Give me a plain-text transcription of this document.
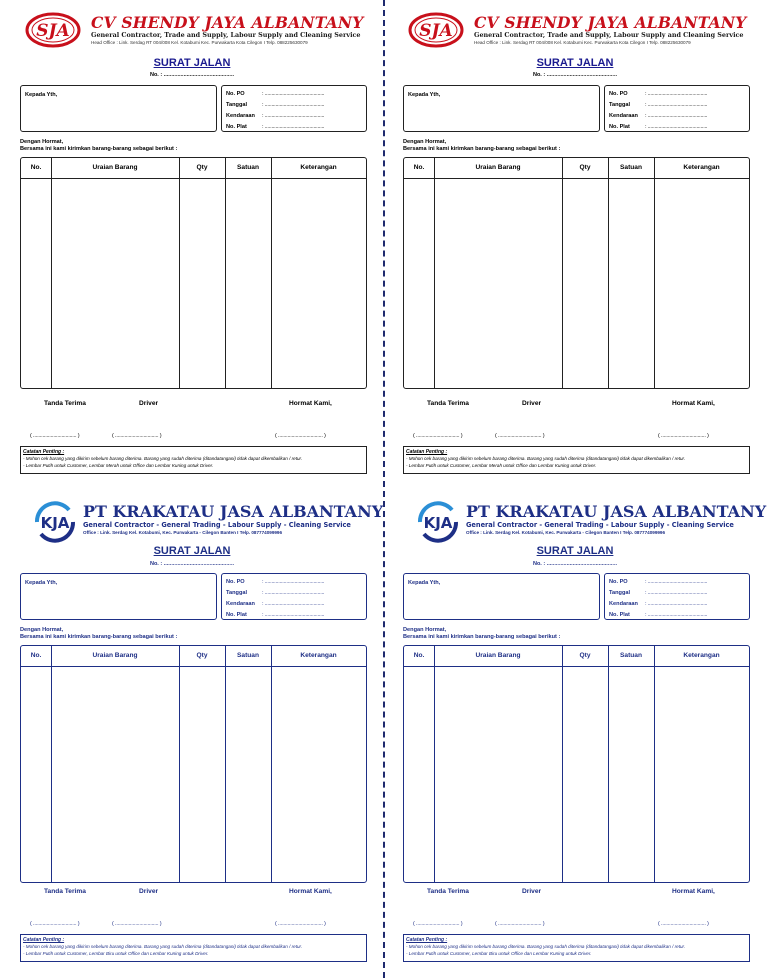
SJA CV SHENDY JAYA ALBANTANY
General Contractor, Trade and Supply, Labour Supply and Cleaning Service
Head Office : Link. Serdag RT 004/008 Kel. Kotabumi Kec. Purwakarta Kota Cilegon I Telp. 088225630079
SURAT JALAN
No. : ..............................................
Kepada Yth,	No. PO	: ............................................
Tanggal	: ............................................
Kendaraan : ............................................
No. Plat	: ............................................
Dengan Hormat,
Bersama ini kami kirimkan barang-barang sebagai berikut :
No.	Uraian Barang	Qty	Satuan	Keterangan
Tanda Terima	Driver	Hormat Kami,
( ................................ )	( ................................ )	( ................................. )
Catatan Penting :
- Mohon cek barang yang dikirim sebelum barang diterima. Barang yang sudah diterima (ditandatangani) tidak dapat dikembalikan / retur.
- Lembar Putih untuk Customer, Lembar Merah untuk Office dan Lembar Kuning untuk Driver.
SJA CV SHENDY JAYA ALBANTANY
General Contractor, Trade and Supply, Labour Supply and Cleaning Service
Head Office : Link. Serdag RT 004/008 Kel. Kotabumi Kec. Purwakarta Kota Cilegon I Telp. 088225630079
SURAT JALAN
No. : ..............................................
Kepada Yth,	No. PO	: ............................................
Tanggal	: ............................................
Kendaraan : ............................................
No. Plat	: ............................................
Dengan Hormat,
Bersama ini kami kirimkan barang-barang sebagai berikut :
No.	Uraian Barang	Qty	Satuan	Keterangan
Tanda Terima	Driver	Hormat Kami,
( ................................ )	( ................................ )	( ................................. )
Catatan Penting :
- Mohon cek barang yang dikirim sebelum barang diterima. Barang yang sudah diterima (ditandatangani) tidak dapat dikembalikan / retur.
- Lembar Putih untuk Customer, Lembar Merah untuk Office dan Lembar Kuning untuk Driver.
KJA
PT KRAKATAU JASA ALBANTANY
General Contractor - General Trading - Labour Supply - Cleaning Service
Office : Link. Serdag Kel. Kotabumi, Kec. Purwakarta - Cilegon Banten I Telp. 087774099996
SURAT JALAN
No. : ..............................................
Kepada Yth,	No. PO	: ............................................
Tanggal	: ............................................
Kendaraan : ............................................
No. Plat	: ............................................
Dengan Hormat,
Bersama ini kami kirimkan barang-barang sebagai berikut :
No.	Uraian Barang	Qty	Satuan	Keterangan
Tanda Terima	Driver	Hormat Kami,
( ................................ )	( ................................ )	( ................................. )
Catatan Penting :
- Mohon cek barang yang dikirim sebelum barang diterima. Barang yang sudah diterima (ditandatangani) tidak dapat dikembalikan / retur.
- Lembar Putih untuk Customer, Lembar Biru untuk Office dan Lembar Kuning untuk Driver.
KJA
PT KRAKATAU JASA ALBANTANY
General Contractor - General Trading - Labour Supply - Cleaning Service
Office : Link. Serdag Kel. Kotabumi, Kec. Purwakarta - Cilegon Banten I Telp. 087774099996
SURAT JALAN
No. : ..............................................
Kepada Yth,	No. PO	: ............................................
Tanggal	: ............................................
Kendaraan : ............................................
No. Plat	: ............................................
Dengan Hormat,
Bersama ini kami kirimkan barang-barang sebagai berikut :
No.	Uraian Barang	Qty	Satuan	Keterangan
Tanda Terima	Driver	Hormat Kami,
( ................................ )	( ................................ )	( ................................. )
Catatan Penting :
- Mohon cek barang yang dikirim sebelum barang diterima. Barang yang sudah diterima (ditandatangani) tidak dapat dikembalikan / retur.
- Lembar Putih untuk Customer, Lembar Biru untuk Office dan Lembar Kuning untuk Driver.
